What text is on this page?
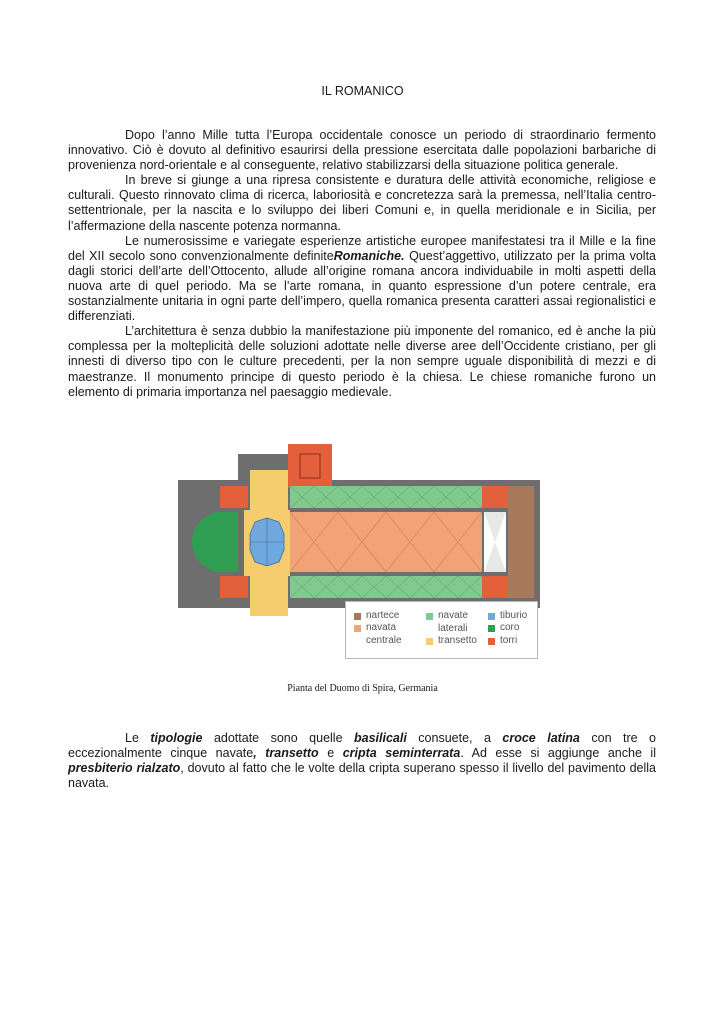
IL ROMANICO

Dopo l’anno Mille tutta l’Europa occidentale conosce un periodo di straordinario fermento innovativo. Ciò è dovuto al definitivo esaurirsi della pressione esercitata dalle popolazioni barbariche di provenienza nord-orientale e al conseguente, relativo stabilizzarsi della situazione politica generale.

In breve si giunge a una ripresa consistente e duratura delle attività economiche, religiose e culturali. Questo rinnovato clima di ricerca, laboriosità e concretezza sarà la premessa, nell’Italia centro-settentrionale, per la nascita e lo sviluppo dei liberi Comuni e, in quella meridionale e in Sicilia, per l’affermazione della nascente potenza normanna.

Le numerosissime e variegate esperienze artistiche europee manifestatesi tra il Mille e la fine del XII secolo sono convenzionalmente definiteRomaniche. Quest’aggettivo, utilizzato per la prima volta dagli storici dell’arte dell’Ottocento, allude all’origine romana ancora individuabile in molti aspetti della nuova arte di quel periodo. Ma se l’arte romana, in quanto espressione d’un potere centrale, era sostanzialmente unitaria in ogni parte dell’impero, quella romanica presenta caratteri assai regionalistici e differenziati.

L’architettura è senza dubbio la manifestazione più imponente del romanico, ed è anche la più complessa per la molteplicità delle soluzioni adottate nelle diverse aree dell’Occidente cristiano, per gli innesti di diverso tipo con le culture precedenti, per la non sempre uguale disponibilità di mezzi e di maestranze. Il monumento principe di questo periodo è la chiesa. Le chiese romaniche furono un elemento di primaria importanza nel paesaggio medievale.

nartece
navata
centrale
navate
laterali
transetto
tiburio
coro
torri
Pianta del Duomo di Spira, Germania

Le tipologie adottate sono quelle basilicali consuete, a croce latina con tre o eccezionalmente cinque navate, transetto e cripta seminterrata. Ad esse si aggiunge anche il presbiterio rialzato, dovuto al fatto che le volte della cripta superano spesso il livello del pavimento della navata.
